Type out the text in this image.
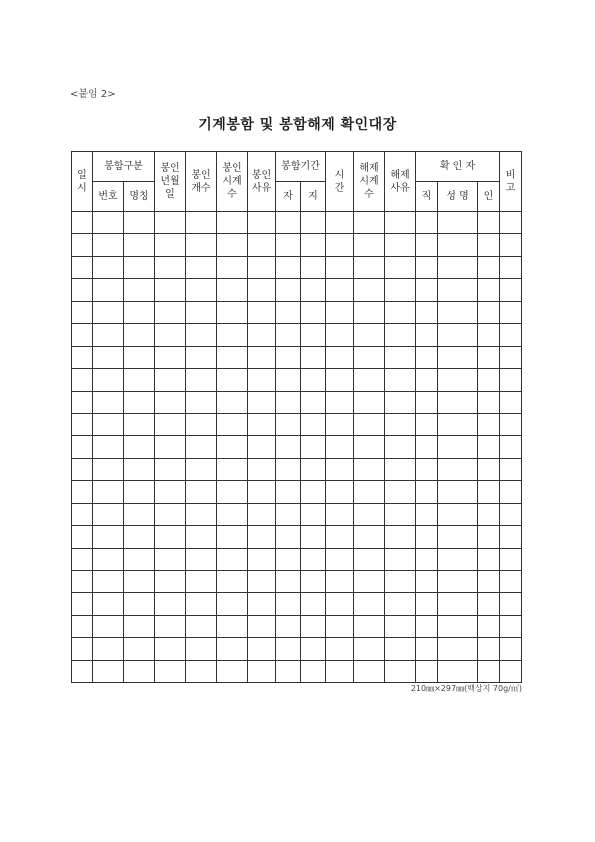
<붙임 2>
기계봉함 및 봉함해제 확인대장
일시	봉함구분		봉인년월일	봉인개수	봉인시계수	봉인사유	봉함기간		시간	해제시계수	해제사유	확 인 자			비고
	번호	명칭					자	지				직	성 명	인	

210㎜×297㎜(백상지 70g/㎡)
